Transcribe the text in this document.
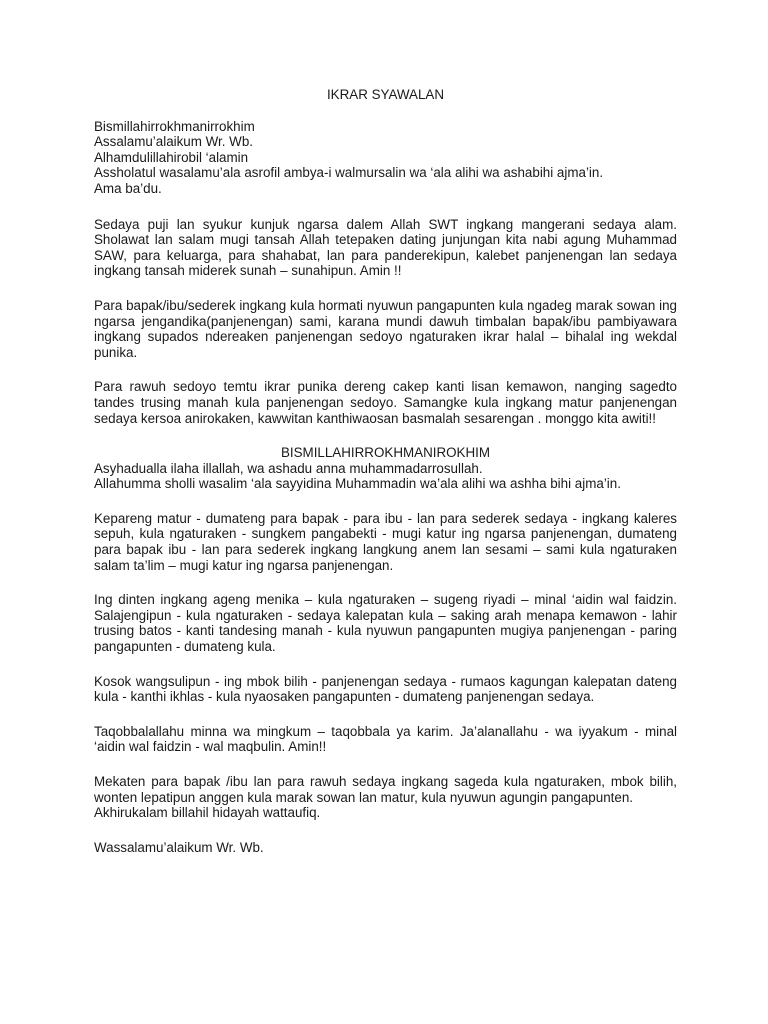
IKRAR SYAWALAN
Bismillahirrokhmanirrokhim
Assalamu’alaikum Wr. Wb.
Alhamdulillahirobil ‘alamin
Assholatul wasalamu’ala asrofil ambya-i walmursalin wa ‘ala alihi wa ashabihi ajma’in.
Ama ba’du.
Sedaya puji lan syukur kunjuk ngarsa dalem Allah SWT ingkang mangerani sedaya alam. Sholawat lan salam mugi tansah Allah tetepaken dating junjungan kita nabi agung Muhammad SAW, para keluarga, para shahabat, lan para panderekipun, kalebet panjenengan lan sedaya ingkang tansah miderek sunah – sunahipun. Amin !!
Para bapak/ibu/sederek ingkang kula hormati nyuwun pangapunten kula ngadeg marak sowan ing ngarsa jengandika(panjenengan) sami, karana mundi dawuh timbalan bapak/ibu pambiyawara ingkang supados ndereaken panjenengan sedoyo ngaturaken ikrar halal – bihalal ing wekdal punika.
Para rawuh sedoyo temtu ikrar punika dereng cakep kanti lisan kemawon, nanging sagedto tandes trusing manah kula panjenengan sedoyo. Samangke kula ingkang matur panjenengan sedaya kersoa anirokaken, kawwitan kanthiwaosan basmalah sesarengan . monggo kita awiti!!
BISMILLAHIRROKHMANIROKHIM
Asyhadualla ilaha illallah, wa ashadu anna muhammadarrosullah.
Allahumma sholli wasalim ‘ala sayyidina Muhammadin wa’ala alihi wa ashha bihi ajma’in.
Kepareng matur - dumateng para bapak - para ibu - lan para sederek sedaya - ingkang kaleres sepuh, kula ngaturaken - sungkem pangabekti - mugi katur ing ngarsa panjenengan, dumateng para bapak ibu - lan para sederek ingkang langkung anem lan sesami – sami kula ngaturaken salam ta’lim – mugi katur ing ngarsa panjenengan.
Ing dinten ingkang ageng menika – kula ngaturaken – sugeng riyadi – minal ‘aidin wal faidzin. Salajengipun - kula ngaturaken - sedaya kalepatan kula – saking arah menapa kemawon - lahir trusing batos - kanti tandesing manah - kula nyuwun pangapunten mugiya panjenengan - paring pangapunten - dumateng kula.
Kosok wangsulipun - ing mbok bilih - panjenengan sedaya - rumaos kagungan kalepatan dateng kula - kanthi ikhlas - kula nyaosaken pangapunten - dumateng panjenengan sedaya.
Taqobbalallahu minna wa mingkum – taqobbala ya karim. Ja’alanallahu - wa iyyakum - minal ‘aidin wal faidzin - wal maqbulin. Amin!!
Mekaten para bapak /ibu lan para rawuh sedaya ingkang sageda kula ngaturaken, mbok bilih, wonten lepatipun anggen kula marak sowan lan matur, kula nyuwun agungin pangapunten.
Akhirukalam billahil hidayah wattaufiq.
Wassalamu’alaikum Wr. Wb.
